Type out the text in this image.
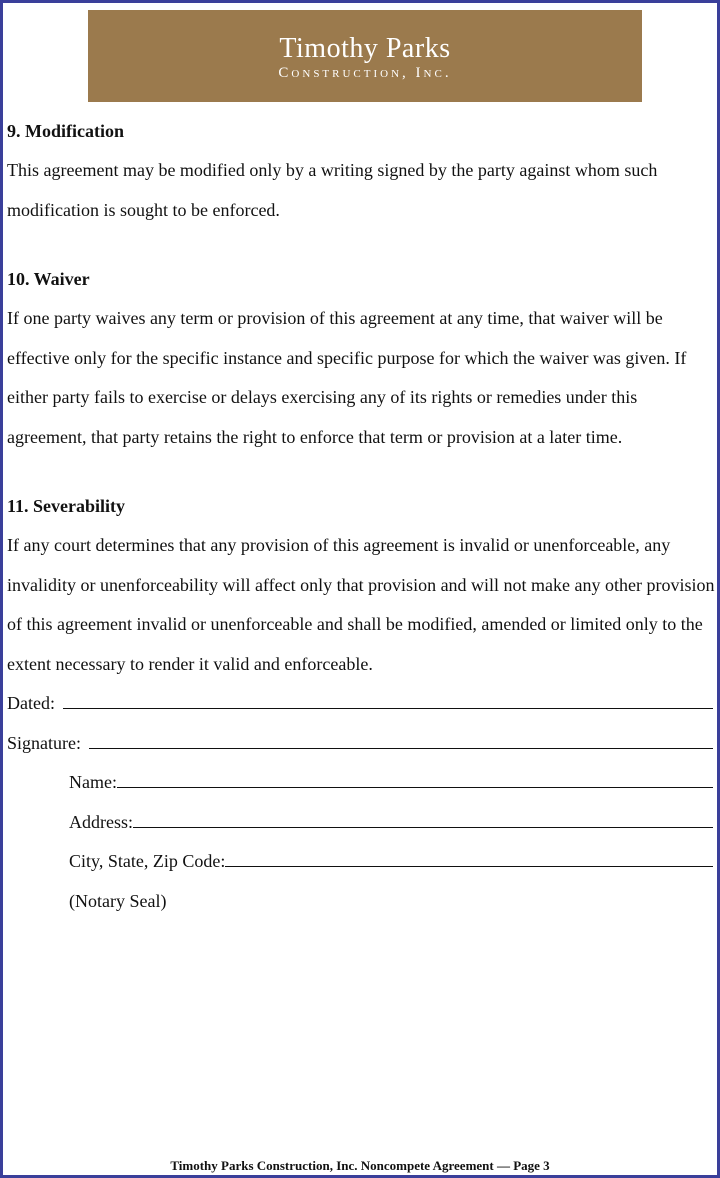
Timothy Parks
Construction, Inc.

9. Modification

This agreement may be modified only by a writing signed by the party against whom such modification is sought to be enforced.

10. Waiver

If one party waives any term or provision of this agreement at any time, that waiver will be effective only for the specific instance and specific purpose for which the waiver was given. If either party fails to exercise or delays exercising any of its rights or remedies under this agreement, that party retains the right to enforce that term or provision at a later time.

11. Severability

If any court determines that any provision of this agreement is invalid or unenforceable, any invalidity or unenforceability will affect only that provision and will not make any other provision of this agreement invalid or unenforceable and shall be modified, amended or limited only to the extent necessary to render it valid and enforceable.

Dated:
Signature:
Name:
Address:
City, State, Zip Code:
(Notary Seal)
Timothy Parks Construction, Inc. Noncompete Agreement — Page 3
